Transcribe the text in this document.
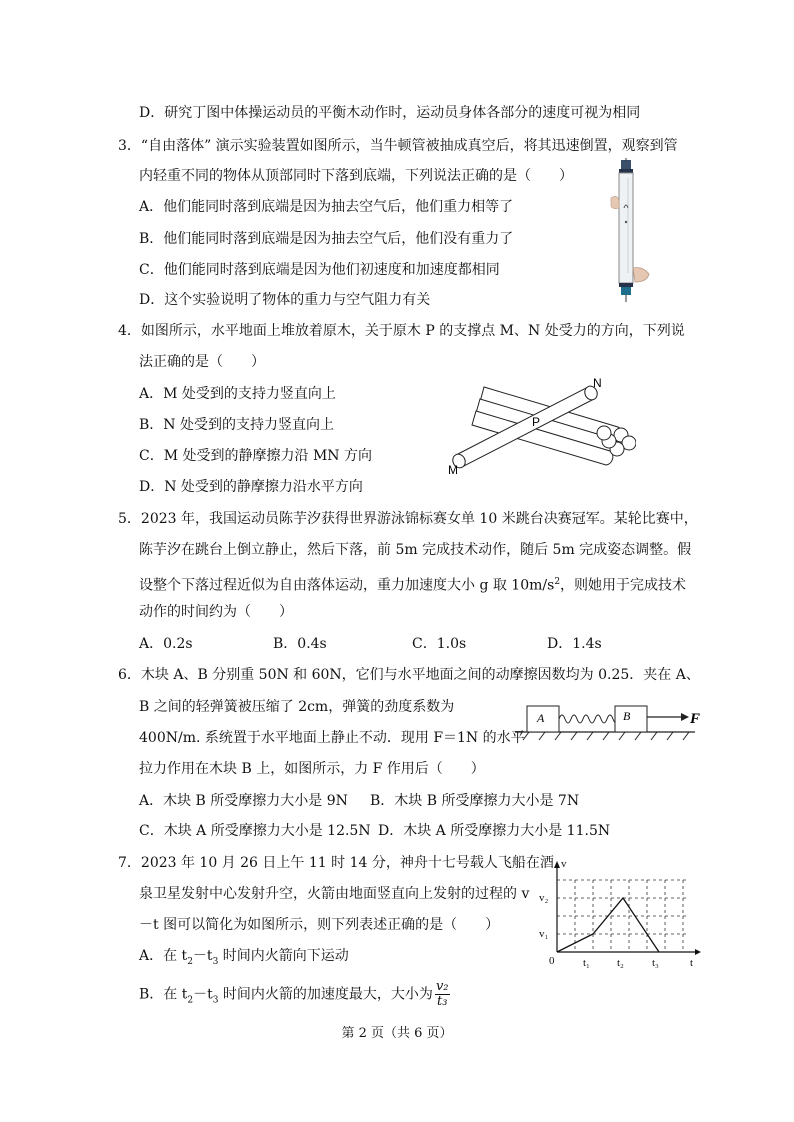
D．研究丁图中体操运动员的平衡木动作时，运动员身体各部分的速度可视为相同
3．“自由落体” 演示实验装置如图所示，当牛顿管被抽成真空后，将其迅速倒置，观察到管
内轻重不同的物体从顶部同时下落到底端，下列说法正确的是（　　）
A．他们能同时落到底端是因为抽去空气后，他们重力相等了
B．他们能同时落到底端是因为抽去空气后，他们没有重力了
C．他们能同时落到底端是因为他们初速度和加速度都相同
D．这个实验说明了物体的重力与空气阻力有关
4．如图所示，水平地面上堆放着原木，关于原木 P 的支撑点 M、N 处受力的方向，下列说
法正确的是（　　）
A．M 处受到的支持力竖直向上
B．N 处受到的支持力竖直向上
C．M 处受到的静摩擦力沿 MN 方向
D．N 处受到的静摩擦力沿水平方向
N
P
M
5．2023 年，我国运动员陈芋汐获得世界游泳锦标赛女单 10 米跳台决赛冠军。某轮比赛中，
陈芋汐在跳台上倒立静止，然后下落，前 5m 完成技术动作，随后 5m 完成姿态调整。假
设整个下落过程近似为自由落体运动，重力加速度大小 g 取 $10m/s^2$，则她用于完成技术
动作的时间约为（　　）
A．0.2s	B．0.4s	C．1.0s	D．1.4s
6．木块 A、B 分别重 50N 和 60N，它们与水平地面之间的动摩擦因数均为 0.25．夹在 A、
B 之间的轻弹簧被压缩了 2cm，弹簧的劲度系数为
400N/m. 系统置于水平地面上静止不动．现用 F＝1N 的水平
拉力作用在木块 B 上，如图所示，力 F 作用后（　　）
A．木块 B 所受摩擦力大小是 9N B．木块 B 所受摩擦力大小是 7N
C．木块 A 所受摩擦力大小是 12.5N D．木块 A 所受摩擦力大小是 11.5N
A	B	F
7．2023 年 10 月 26 日上午 11 时 14 分，神舟十七号载人飞船在酒
泉卫星发射中心发射升空，火箭由地面竖直向上发射的过程的 v
－t 图可以简化为如图所示，则下列表述正确的是（　　）
A．在 $t_2-t_3$ 时间内火箭向下运动
B．在 $t_2-t_3$ 时间内火箭的加速度最大，大小为 $\frac{\text{v₂}}{\text{t₃}}$
v
v₂
v₁
0	t₁ t₂	t₃	t
第 2 页（共 6 页）
